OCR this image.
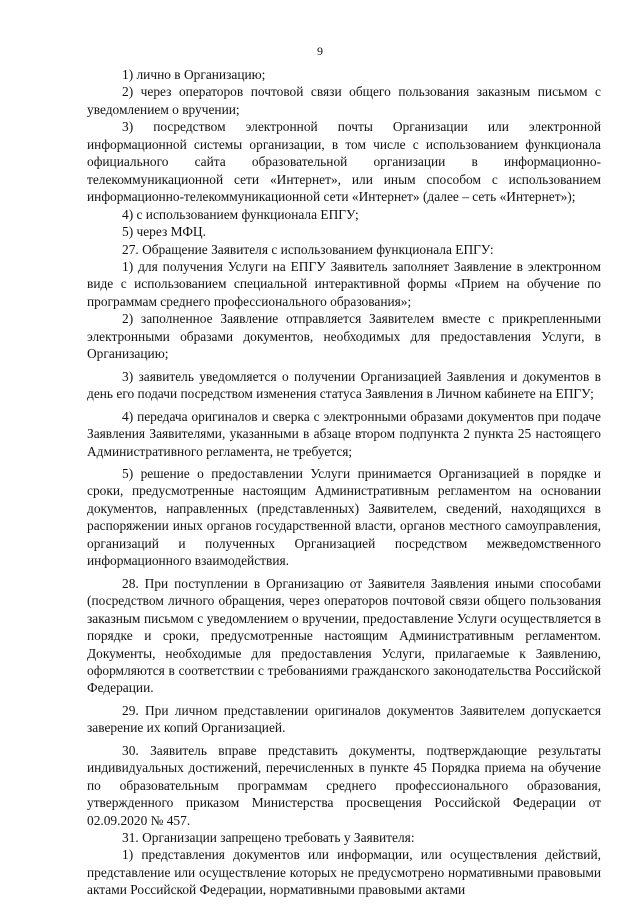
9

1) лично в Организацию;

2) через операторов почтовой связи общего пользования заказным письмом с уведомлением о вручении;

3) посредством электронной почты Организации или электронной информационной системы организации, в том числе с использованием функционала официального сайта образовательной организации в информационно-телекоммуникационной сети «Интернет», или иным способом с использованием информационно-телекоммуникационной сети «Интернет» (далее – сеть «Интернет»);

4) с использованием функционала ЕПГУ;

5) через МФЦ.

27. Обращение Заявителя с использованием функционала ЕПГУ:

1) для получения Услуги на ЕПГУ Заявитель заполняет Заявление в электронном виде с использованием специальной интерактивной формы «Прием на обучение по программам среднего профессионального образования»;

2) заполненное Заявление отправляется Заявителем вместе с прикрепленными электронными образами документов, необходимых для предоставления Услуги, в Организацию;

3) заявитель уведомляется о получении Организацией Заявления и документов в день его подачи посредством изменения статуса Заявления в Личном кабинете на ЕПГУ;

4) передача оригиналов и сверка с электронными образами документов при подаче Заявления Заявителями, указанными в абзаце втором подпункта 2 пункта 25 настоящего Административного регламента, не требуется;

5) решение о предоставлении Услуги принимается Организацией в порядке и сроки, предусмотренные настоящим Административным регламентом на основании документов, направленных (представленных) Заявителем, сведений, находящихся в распоряжении иных органов государственной власти, органов местного самоуправления, организаций и полученных Организацией посредством межведомственного информационного взаимодействия.

28. При поступлении в Организацию от Заявителя Заявления иными способами (посредством личного обращения, через операторов почтовой связи общего пользования заказным письмом с уведомлением о вручении, предоставление Услуги осуществляется в порядке и сроки, предусмотренные настоящим Административным регламентом. Документы, необходимые для предоставления Услуги, прилагаемые к Заявлению, оформляются в соответствии с требованиями гражданского законодательства Российской Федерации.

29. При личном представлении оригиналов документов Заявителем допускается заверение их копий Организацией.

30. Заявитель вправе представить документы, подтверждающие результаты индивидуальных достижений, перечисленных в пункте 45 Порядка приема на обучение по образовательным программам среднего профессионального образования, утвержденного приказом Министерства просвещения Российской Федерации от 02.09.2020 № 457.

31. Организации запрещено требовать у Заявителя:

1) представления документов или информации, или осуществления действий, представление или осуществление которых не предусмотрено нормативными правовыми актами Российской Федерации, нормативными правовыми актами
